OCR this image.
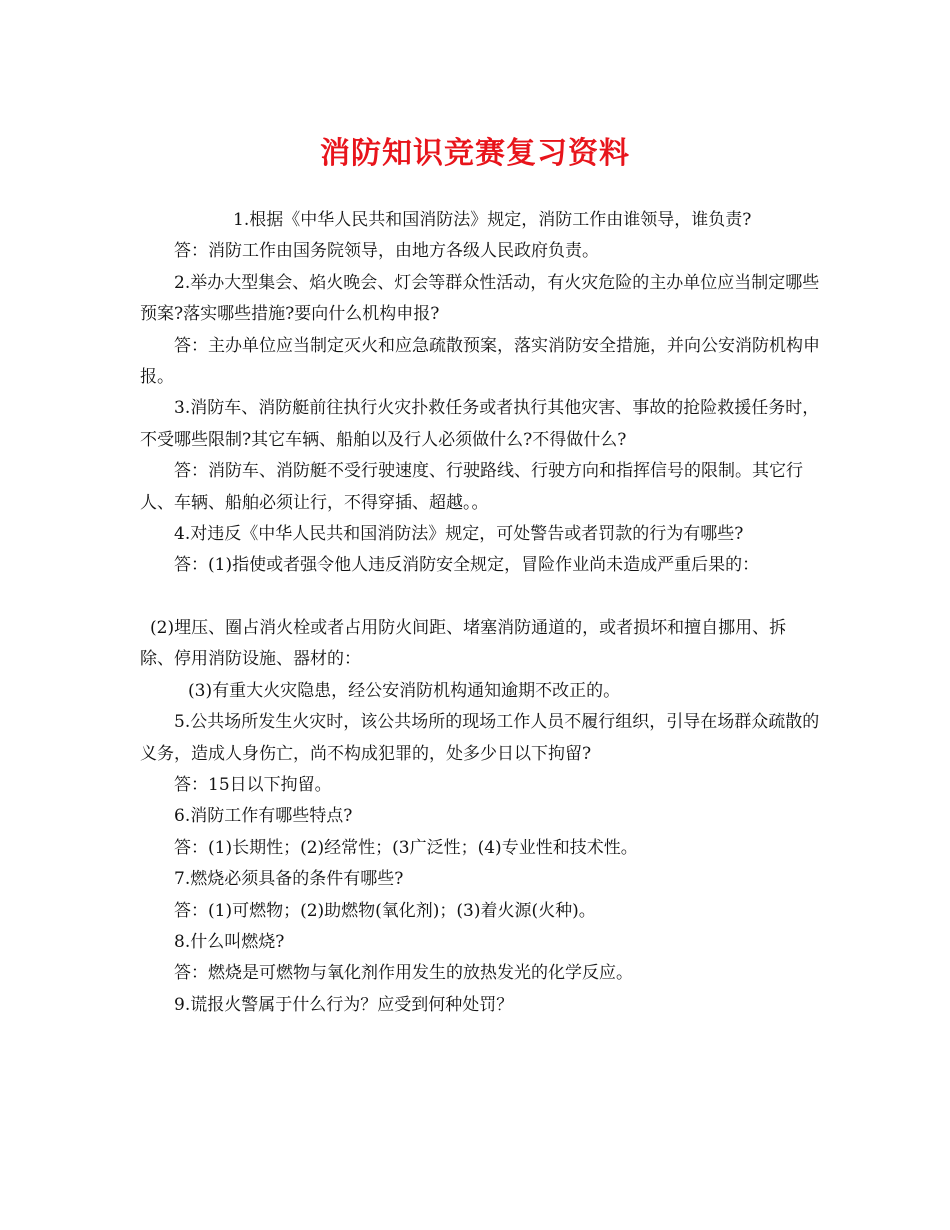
消防知识竞赛复习资料

1.根据《中华人民共和国消防法》规定，消防工作由谁领导，谁负责?

答：消防工作由国务院领导，由地方各级人民政府负责。

2.举办大型集会、焰火晚会、灯会等群众性活动，有火灾危险的主办单位应当制定哪些预案?落实哪些措施?要向什么机构申报?

答：主办单位应当制定灭火和应急疏散预案，落实消防安全措施，并向公安消防机构申报。

3.消防车、消防艇前往执行火灾扑救任务或者执行其他灾害、事故的抢险救援任务时，不受哪些限制?其它车辆、船舶以及行人必须做什么?不得做什么?

答：消防车、消防艇不受行驶速度、行驶路线、行驶方向和指挥信号的限制。其它行人、车辆、船舶必须让行，不得穿插、超越。。

4.对违反《中华人民共和国消防法》规定，可处警告或者罚款的行为有哪些?

答：(1)指使或者强令他人违反消防安全规定，冒险作业尚未造成严重后果的：

(2)埋压、圈占消火栓或者占用防火间距、堵塞消防通道的，或者损坏和擅自挪用、拆除、停用消防设施、器材的：

(3)有重大火灾隐患，经公安消防机构通知逾期不改正的。

5.公共场所发生火灾时，该公共场所的现场工作人员不履行组织，引导在场群众疏散的义务，造成人身伤亡，尚不构成犯罪的，处多少日以下拘留?

答：15日以下拘留。

6.消防工作有哪些特点?

答：(1)长期性；(2)经常性；(3广泛性；(4)专业性和技术性。

7.燃烧必须具备的条件有哪些?

答：(1)可燃物；(2)助燃物(氧化剂)；(3)着火源(火种)。

8.什么叫燃烧?

答：燃烧是可燃物与氧化剂作用发生的放热发光的化学反应。

9.谎报火警属于什么行为？应受到何种处罚？
